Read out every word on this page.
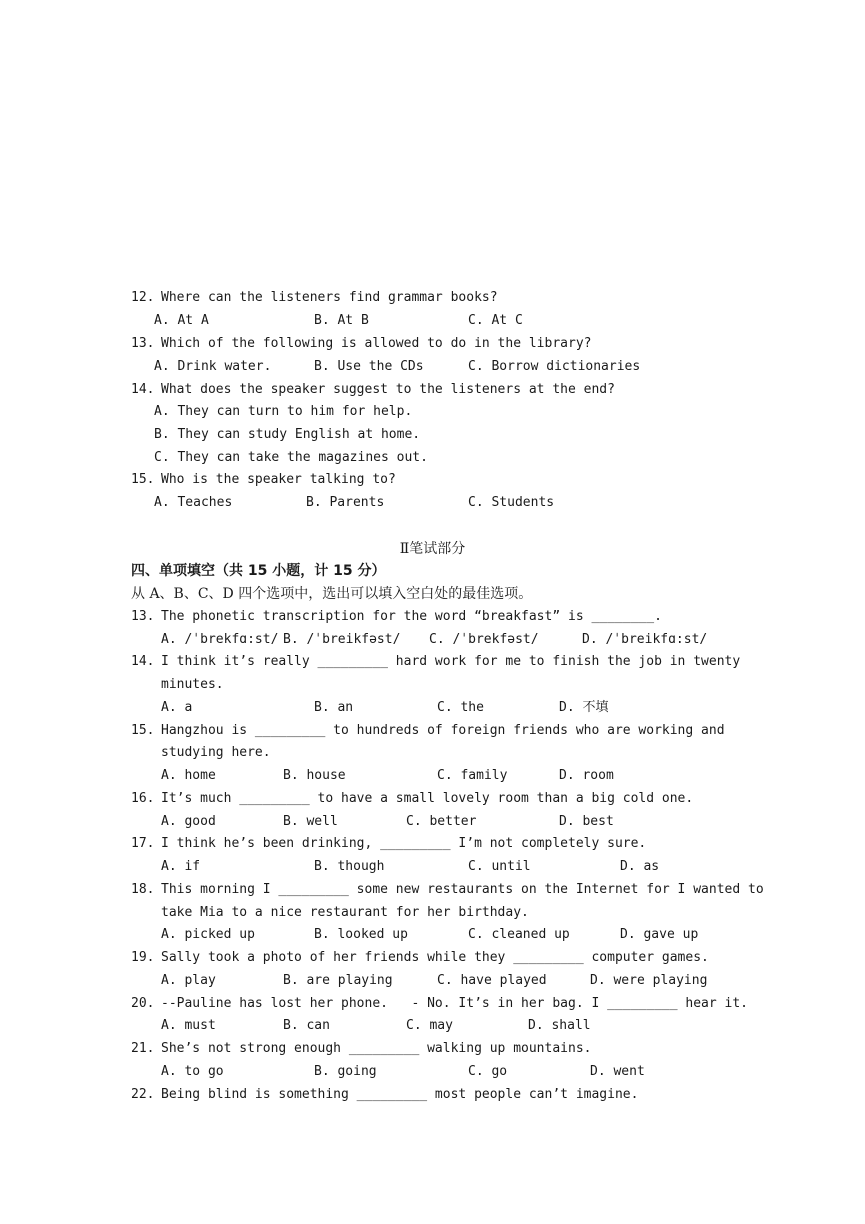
12. Where can the listeners find grammar books?
A. At A	B. At B	C. At C
13. Which of the following is allowed to do in the library?
A. Drink water.	B. Use the CDs	C. Borrow dictionaries
14. What does the speaker suggest to the listeners at the end?
A. They can turn to him for help.
B. They can study English at home.
C. They can take the magazines out.
15. Who is the speaker talking to?
A. Teaches	B. Parents	C. Students
Ⅱ笔试部分
四、单项填空（共 15 小题，计 15 分）
从 A、B、C、D 四个选项中，选出可以填入空白处的最佳选项。
13. The phonetic transcription for the word “breakfast” is ________.
A. /ˈbrekfɑ:st/ B. /ˈbreikfəst/ C. /ˈbrekfəst/	D. /ˈbreikfɑ:st/
14. I think it’s really _________ hard work for me to finish the job in twenty
minutes.
A. a	B. an	C. the	D. 不填
15. Hangzhou is _________ to hundreds of foreign friends who are working and
studying here.
A. home	B. house	C. family	D. room
16. It’s much _________ to have a small lovely room than a big cold one.
A. good	B. well	C. better	D. best
17. I think he’s been drinking, _________ I’m not completely sure.
A. if	B. though	C. until	D. as
18. This morning I _________ some new restaurants on the Internet for I wanted to
take Mia to a nice restaurant for her birthday.
A. picked up	B. looked up	C. cleaned up	D. gave up
19. Sally took a photo of her friends while they _________ computer games.
A. play	B. are playing	C. have played	D. were playing
20. --Pauline has lost her phone.   - No. It’s in her bag. I _________ hear it.
A. must	B. can	C. may	D. shall
21. She’s not strong enough _________ walking up mountains.
A. to go	B. going	C. go	D. went
22. Being blind is something _________ most people can’t imagine.
